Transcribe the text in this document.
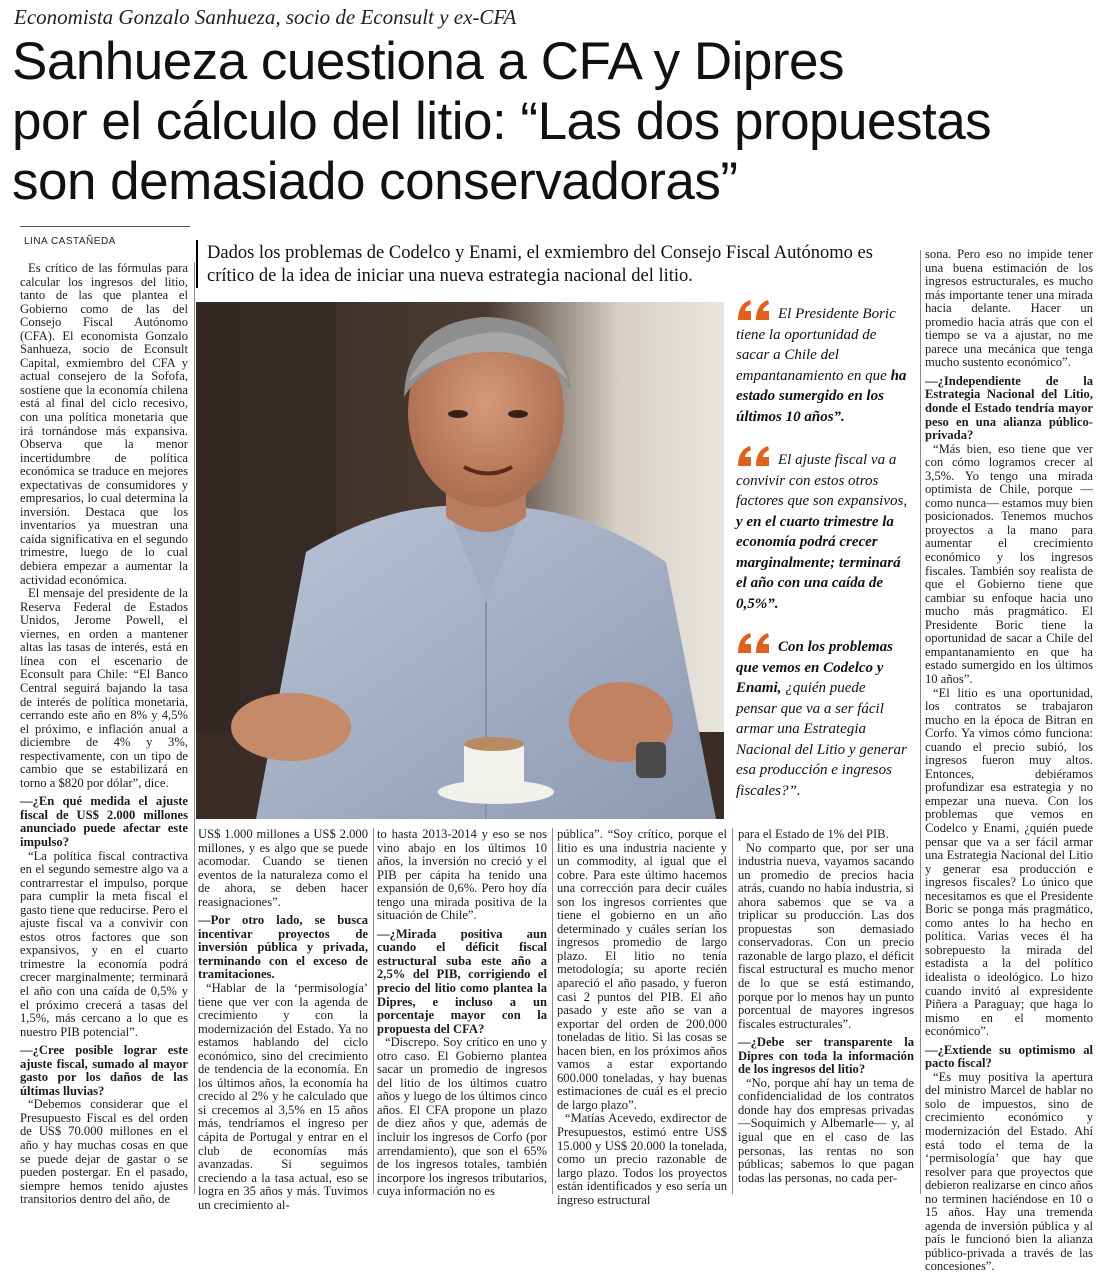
Economista Gonzalo Sanhueza, socio de Econsult y ex-CFA
Sanhueza cuestiona a CFA y Dipres
por el cálculo del litio: “Las dos propuestas
son demasiado conservadoras”
LINA CASTAÑEDA
Dados los problemas de Codelco y Enami, el exmiembro del Consejo Fiscal Autónomo es crítico de la idea de iniciar una nueva estrategia nacional del litio.

Es crítico de las fórmulas para calcular los ingresos del litio, tanto de las que plantea el Gobierno como de las del Consejo Fiscal Autónomo (CFA). El economista Gonzalo Sanhueza, socio de Econsult Capital, exmiembro del CFA y actual consejero de la Sofofa, sostiene que la economía chilena está al final del ciclo recesivo, con una política monetaria que irá tornándose más expansiva. Observa que la menor incertidumbre de política económica se traduce en mejores expectativas de consumidores y empresarios, lo cual determina la inversión. Destaca que los inventarios ya muestran una caída significativa en el segundo trimestre, luego de lo cual debiera empezar a aumentar la actividad económica.

El mensaje del presidente de la Reserva Federal de Estados Unidos, Jerome Powell, el viernes, en orden a mantener altas las tasas de interés, está en línea con el escenario de Econsult para Chile: “El Banco Central seguirá bajando la tasa de interés de política monetaria, cerrando este año en 8% y 4,5% el próximo, e inflación anual a diciembre de 4% y 3%, respectivamente, con un tipo de cambio que se estabilizará en torno a $820 por dólar”, dice.

—¿En qué medida el ajuste fiscal de US$ 2.000 millones anunciado puede afectar este impulso?

“La política fiscal contractiva en el segundo semestre algo va a contrarrestar el impulso, porque para cumplir la meta fiscal el gasto tiene que reducirse. Pero el ajuste fiscal va a convivir con estos otros factores que son expansivos, y en el cuarto trimestre la economía podrá crecer marginalmente; terminará el año con una caída de 0,5% y el próximo crecerá a tasas del 1,5%, más cercano a lo que es nuestro PIB potencial”.

—¿Cree posible lograr este ajuste fiscal, sumado al mayor gasto por los daños de las últimas lluvias?

“Debemos considerar que el Presupuesto Fiscal es del orden de US$ 70.000 millones en el año y hay muchas cosas en que se puede dejar de gastar o se pueden postergar. En el pasado, siempre hemos tenido ajustes transitorios dentro del año, de

El Presidente Boric tiene la oportunidad de sacar a Chile del empantanamiento en que ha estado sumergido en los últimos 10 años”.
El ajuste fiscal va a convivir con estos otros factores que son expansivos, y en el cuarto trimestre la economía podrá crecer marginalmente; terminará el año con una caída de 0,5%”.
Con los problemas que vemos en Codelco y Enami, ¿quién puede pensar que va a ser fácil armar una Estrategia Nacional del Litio y generar esa producción e ingresos fiscales?”.

US$ 1.000 millones a US$ 2.000 millones, y es algo que se puede acomodar. Cuando se tienen eventos de la naturaleza como el de ahora, se deben hacer reasignaciones”.

—Por otro lado, se busca incentivar proyectos de inversión pública y privada, terminando con el exceso de tramitaciones.

“Hablar de la ‘permisología’ tiene que ver con la agenda de crecimiento y con la modernización del Estado. Ya no estamos hablando del ciclo económico, sino del crecimiento de tendencia de la economía. En los últimos años, la economía ha crecido al 2% y he calculado que si crecemos al 3,5% en 15 años más, tendríamos el ingreso per cápita de Portugal y entrar en el club de economías más avanzadas. Si seguimos creciendo a la tasa actual, eso se logra en 35 años y más. Tuvimos un crecimiento al-

to hasta 2013-2014 y eso se nos vino abajo en los últimos 10 años, la inversión no creció y el PIB per cápita ha tenido una expansión de 0,6%. Pero hoy día tengo una mirada positiva de la situación de Chile”.

—¿Mirada positiva aun cuando el déficit fiscal estructural suba este año a 2,5% del PIB, corrigiendo el precio del litio como plantea la Dipres, e incluso a un porcentaje mayor con la propuesta del CFA?

“Discrepo. Soy crítico en uno y otro caso. El Gobierno plantea sacar un promedio de ingresos del litio de los últimos cuatro años y luego de los últimos cinco años. El CFA propone un plazo de diez años y que, además de incluir los ingresos de Corfo (por arrendamiento), que son el 65% de los ingresos totales, también incorpore los ingresos tributarios, cuya información no es

pública”. “Soy crítico, porque el litio es una industria naciente y un commodity, al igual que el cobre. Para este último hacemos una corrección para decir cuáles son los ingresos corrientes que tiene el gobierno en un año determinado y cuáles serían los ingresos promedio de largo plazo. El litio no tenía metodología; su aporte recién apareció el año pasado, y fueron casi 2 puntos del PIB. El año pasado y este año se van a exportar del orden de 200.000 toneladas de litio. Si las cosas se hacen bien, en los próximos años vamos a estar exportando 600.000 toneladas, y hay buenas estimaciones de cuál es el precio de largo plazo”.

“Matías Acevedo, exdirector de Presupuestos, estimó entre US$ 15.000 y US$ 20.000 la tonelada, como un precio razonable de largo plazo. Todos los proyectos están identificados y eso sería un ingreso estructural

para el Estado de 1% del PIB.

No comparto que, por ser una industria nueva, vayamos sacando un promedio de precios hacia atrás, cuando no había industria, si ahora sabemos que se va a triplicar su producción. Las dos propuestas son demasiado conservadoras. Con un precio razonable de largo plazo, el déficit fiscal estructural es mucho menor de lo que se está estimando, porque por lo menos hay un punto porcentual de mayores ingresos fiscales estructurales”.

—¿Debe ser transparente la Dipres con toda la información de los ingresos del litio?

“No, porque ahí hay un tema de confidencialidad de los contratos donde hay dos empresas privadas —Soquimich y Albemarle— y, al igual que en el caso de las personas, las rentas no son públicas; sabemos lo que pagan todas las personas, no cada per-

sona. Pero eso no impide tener una buena estimación de los ingresos estructurales, es mucho más importante tener una mirada hacia delante. Hacer un promedio hacia atrás que con el tiempo se va a ajustar, no me parece una mecánica que tenga mucho sustento económico”.

—¿Independiente de la Estrategia Nacional del Litio, donde el Estado tendría mayor peso en una alianza público-privada?

“Más bien, eso tiene que ver con cómo logramos crecer al 3,5%. Yo tengo una mirada optimista de Chile, porque —como nunca— estamos muy bien posicionados. Tenemos muchos proyectos a la mano para aumentar el crecimiento económico y los ingresos fiscales. También soy realista de que el Gobierno tiene que cambiar su enfoque hacia uno mucho más pragmático. El Presidente Boric tiene la oportunidad de sacar a Chile del empantanamiento en que ha estado sumergido en los últimos 10 años”.

“El litio es una oportunidad, los contratos se trabajaron mucho en la época de Bitran en Corfo. Ya vimos cómo funciona: cuando el precio subió, los ingresos fueron muy altos. Entonces, debiéramos profundizar esa estrategia y no empezar una nueva. Con los problemas que vemos en Codelco y Enami, ¿quién puede pensar que va a ser fácil armar una Estrategia Nacional del Litio y generar esa producción e ingresos fiscales? Lo único que necesitamos es que el Presidente Boric se ponga más pragmático, como antes lo ha hecho en política. Varias veces él ha sobrepuesto la mirada del estadista a la del político idealista o ideológico. Lo hizo cuando invitó al expresidente Piñera a Paraguay; que haga lo mismo en el momento económico”.

—¿Extiende su optimismo al pacto fiscal?

“Es muy positiva la apertura del ministro Marcel de hablar no solo de impuestos, sino de crecimiento económico y modernización del Estado. Ahí está todo el tema de la ‘permisología’ que hay que resolver para que proyectos que debieron realizarse en cinco años no terminen haciéndose en 10 o 15 años. Hay una tremenda agenda de inversión pública y al país le funcionó bien la alianza público-privada a través de las concesiones”.
